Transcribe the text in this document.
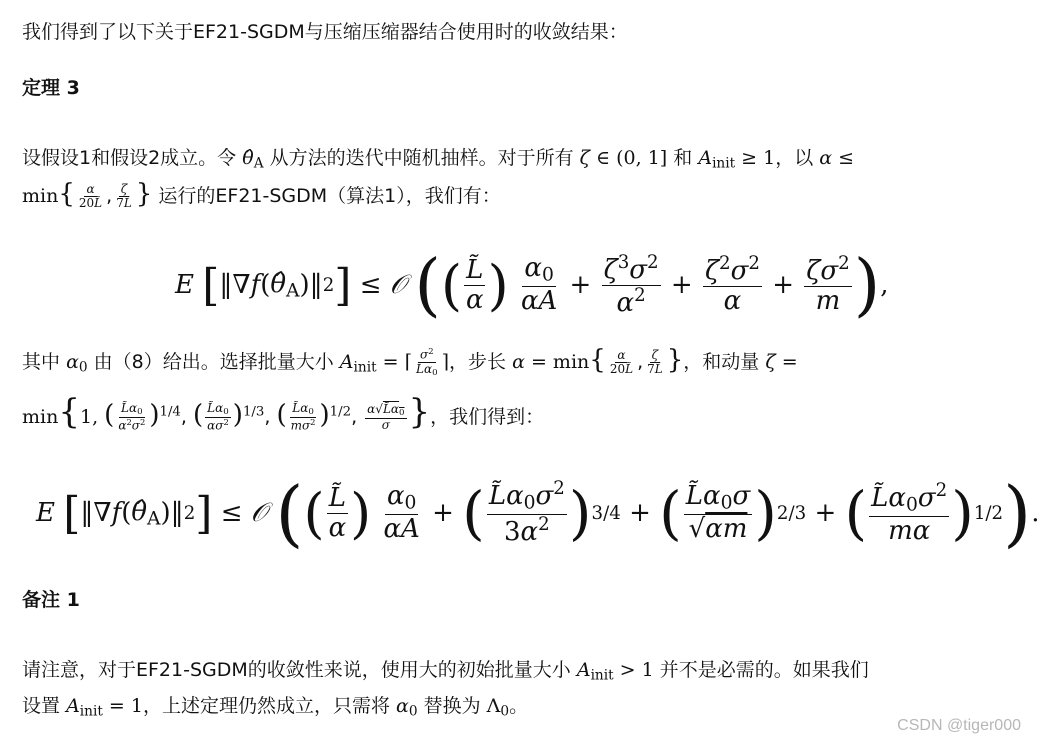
我们得到了以下关于EF21-SGDM与压缩压缩器结合使用时的收敛结果：
定理 3
设假设1和假设2成立。令 $\thetâ_A$ 从方法的迭代中随机抽样。对于所有 ζ ∈ (0, 1] 和 $A_{init} \ge 1$，以 α ≤
$\min\{ \frac{\alpha}{20L̃}$ , $\frac{\zeta}{7L̃}$ } 运行的EF21-SGDM（算法1），我们有：
E
[ ‖∇ f ( $\thetâ_A$ )‖ 2 ]
≤
𝒪
( ( $\frac{L̃}{\alpha}$ )
$\frac{\alpha_0}{\alpha A}$
+
$\frac{\zeta^3\sigma^2}{\alpha^2}$
+
$\frac{\zeta^2\sigma^2}{\alpha}$
+
$\frac{\zeta\sigma^2}{m}$ ) ,
其中 $\alpha_0$ 由（8）给出。选择批量大小 $A_{init}$ = ⌈ $\frac{\sigma^2}{L̃\alpha_0}$ ⌉，步长 $\alpha = \min\{ \frac{\alpha}{20L̃}$ , $\frac{\zeta}{7L̃}$ }，和动量 ζ =
min{1, ( $\frac{L̃\alpha_0}{\alpha^2\sigma^2} )^{1/4}$, ( $\frac{L̃\alpha_0}{\alpha\sigma^2} )^{1/3}$, ( $\frac{L̃\alpha_0}{m\sigma^2} )^{1/2}$, $\frac{\alpha√L̃\alpha_0}{\sigma}$ }，我们得到：
E
[ ‖∇ f ( $\thetâ_A$ )‖ 2 ]
≤
𝒪
( ( $\frac{L̃}{\alpha}$ )
$\frac{\alpha_0}{\alpha A}$
+
( $\frac{L̃\alpha_0\sigma^2}{3\alpha^2}$ ) 3/4
+
( $\frac{L̃\alpha_0\sigma}{√\alpha m}$ ) 2/3
+
( $\frac{L̃\alpha_0\sigma^2}{m\alpha}$ ) 1/2 ) .
备注 1
请注意，对于EF21-SGDM的收敛性来说，使用大的初始批量大小 $A_{init} > 1$ 并不是必需的。如果我们
设置 $A_{init} = 1$，上述定理仍然成立，只需将 $\alpha_0$ 替换为 $\Lambda_0$。
CSDN @tiger000
